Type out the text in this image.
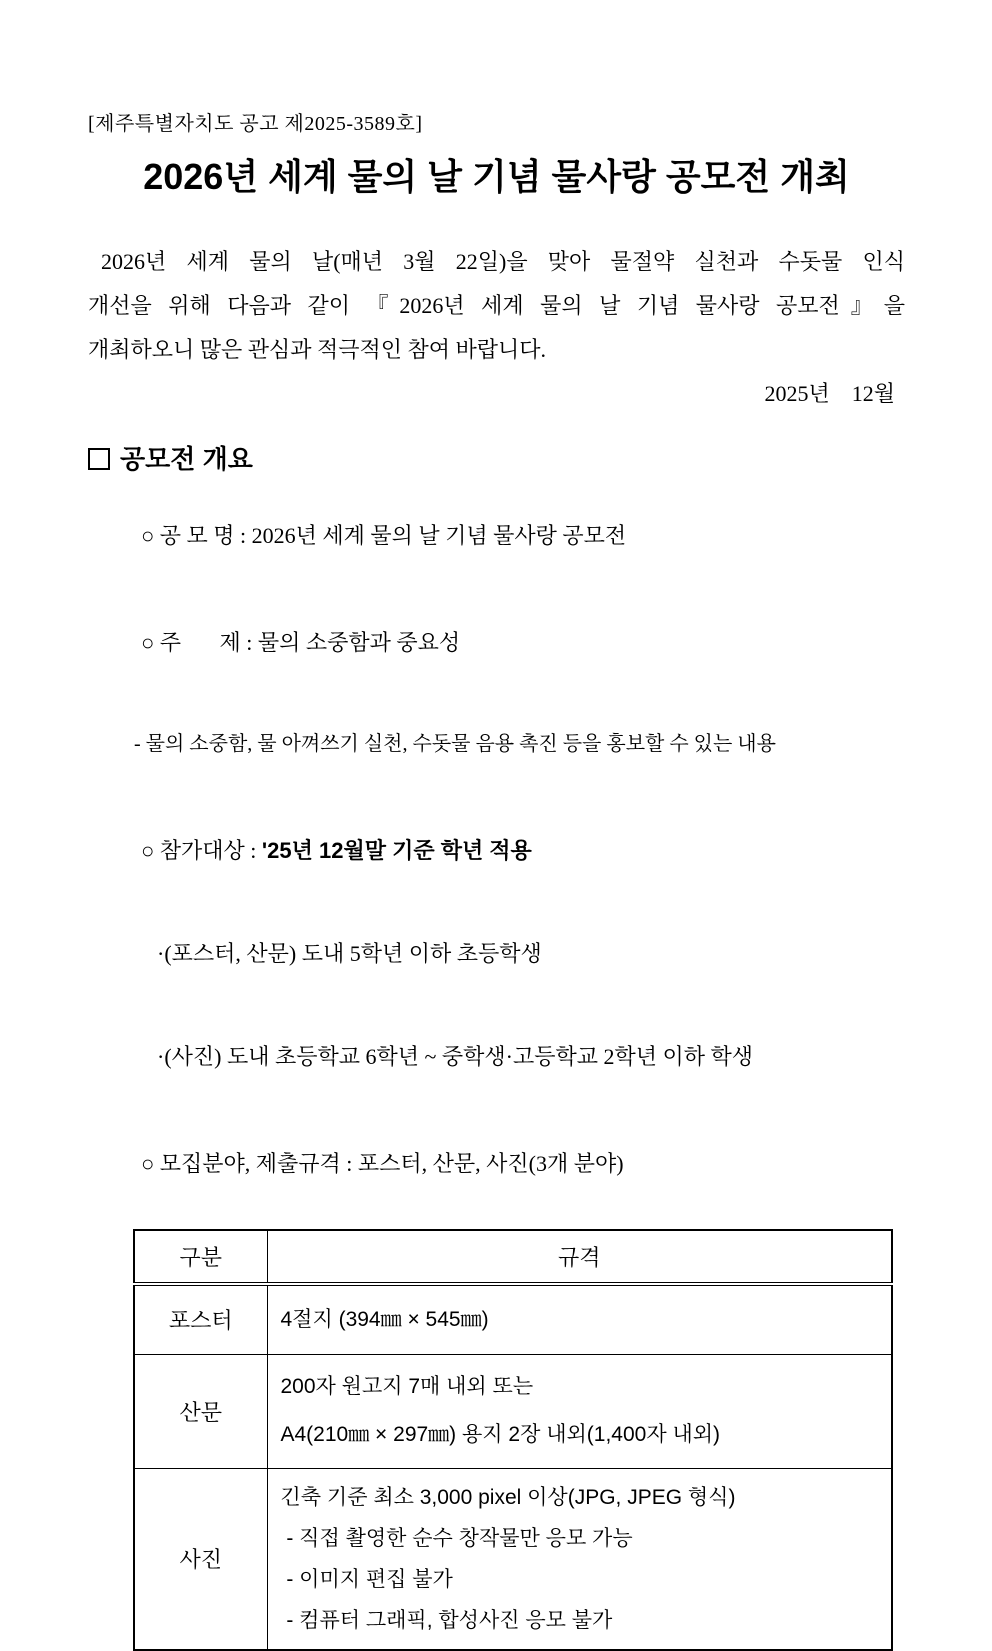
[제주특별자치도 공고 제2025-3589호]
2026년 세계 물의 날 기념 물사랑 공모전 개최
2026년 세계 물의 날(매년 3월 22일)을 맞아 물절약 실천과 수돗물 인식
개선을 위해 다음과 같이 『2026년 세계 물의 날 기념 물사랑 공모전』을
개최하오니 많은 관심과 적극적인 참여 바랍니다.
2025년    12월
공모전 개요

○ 공 모 명 : 2026년 세계 물의 날 기념 물사랑 공모전

○ 주       제 : 물의 소중함과 중요성

- 물의 소중함, 물 아껴쓰기 실천, 수돗물 음용 촉진 등을 홍보할 수 있는 내용

○ 참가대상 : '25년 12월말 기준 학년 적용

·(포스터, 산문) 도내 5학년 이하 초등학생

·(사진) 도내 초등학교 6학년 ~ 중학생·고등학교 2학년 이하 학생

○ 모집분야, 제출규격 : 포스터, 산문, 사진(3개 분야)

구분	규격
포스터	4절지 (394㎜ × 545㎜)

산문	200자 원고지 7매 내외 또는
A4(210㎜ × 297㎜) 용지 2장 내외(1,400자 내외)

사진	긴축 기준 최소 3,000 pixel 이상(JPG, JPEG 형식)
- 직접 촬영한 순수 창작물만 응모 가능
- 이미지 편집 불가
- 컴퓨터 그래픽, 합성사진 응모 불가
